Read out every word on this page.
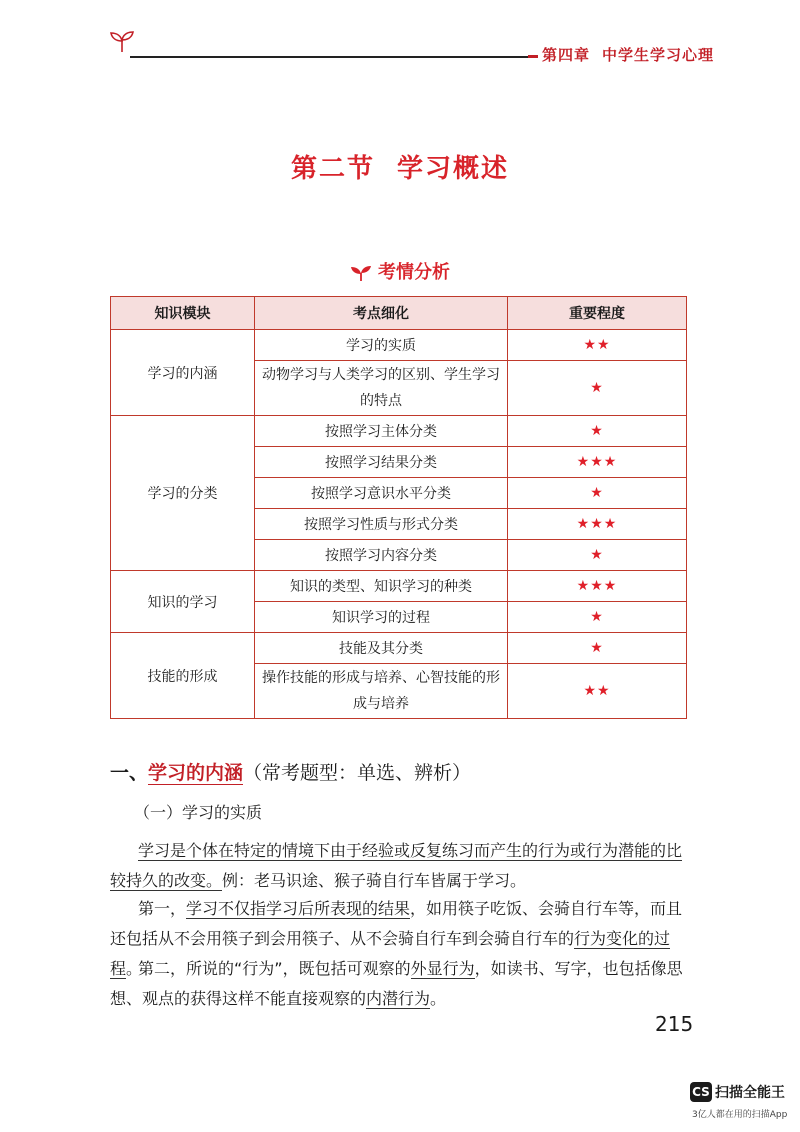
第四章 中学生学习心理
第二节 学习概述
考情分析
知识模块	考点细化	重要程度
学习的内涵	学习的实质	★★
	动物学习与人类学习的区别、学生学习的特点	★
学习的分类	按照学习主体分类	★
	按照学习结果分类	★★★
	按照学习意识水平分类	★
	按照学习性质与形式分类	★★★
	按照学习内容分类	★
知识的学习	知识的类型、知识学习的种类	★★★
	知识学习的过程	★
技能的形成	技能及其分类	★
	操作技能的形成与培养、心智技能的形成与培养	★★
一、学习的内涵（常考题型：单选、辨析）
（一）学习的实质
学习是个体在特定的情境下由于经验或反复练习而产生的行为或行为潜能的比较持久的改变。例：老马识途、猴子骑自行车皆属于学习。
第一，学习不仅指学习后所表现的结果，如用筷子吃饭、会骑自行车等，而且还包括从不会用筷子到会用筷子、从不会骑自行车到会骑自行车的行为变化的过程。
第二，所说的“行为”，既包括可观察的外显行为，如读书、写字，也包括像思想、观点的获得这样不能直接观察的内潜行为。
215
CS 扫描全能王
3亿人都在用的扫描App
